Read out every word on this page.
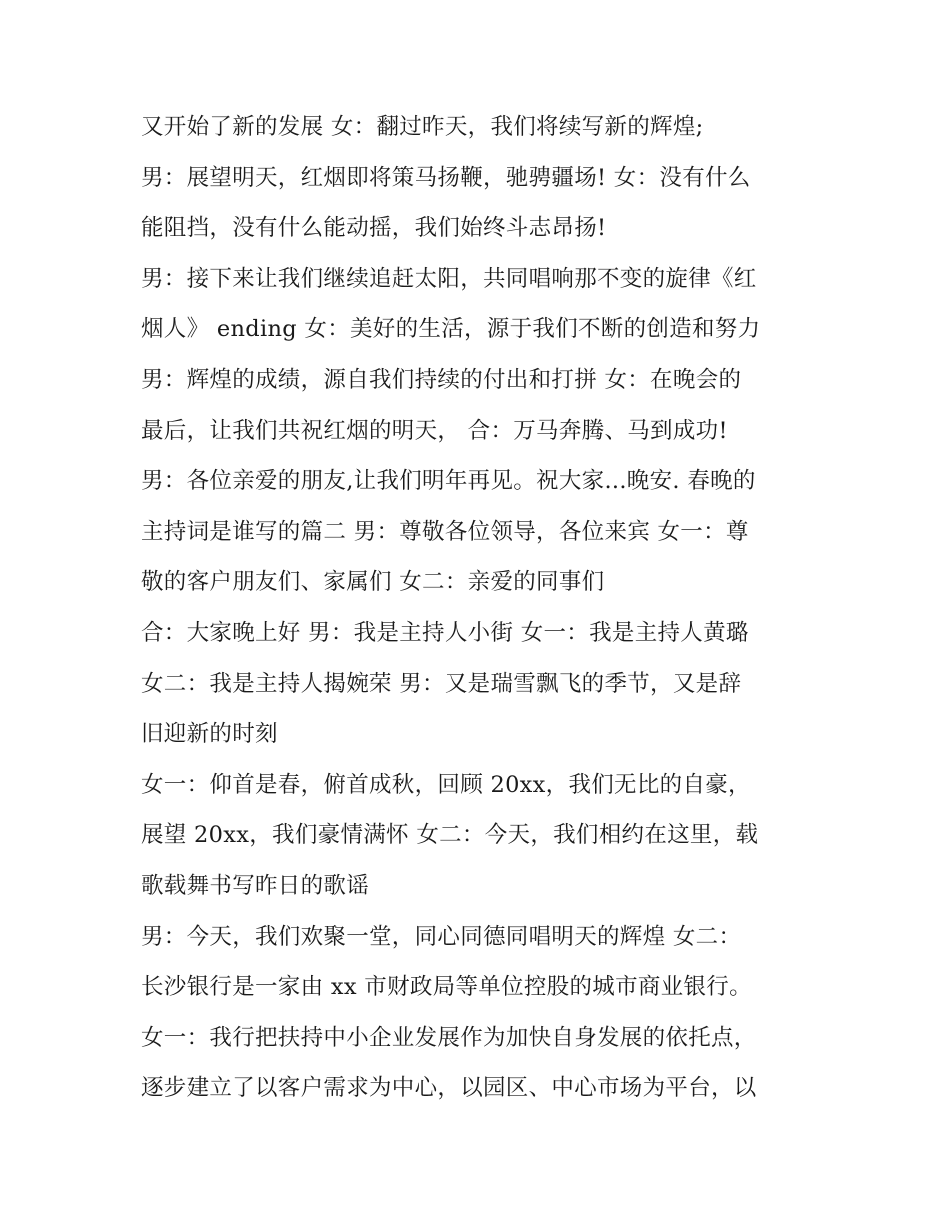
又开始了新的发展 女：翻过昨天，我们将续写新的辉煌;
男：展望明天，红烟即将策马扬鞭，驰骋疆场! 女：没有什么
能阻挡，没有什么能动摇，我们始终斗志昂扬!
男：接下来让我们继续追赶太阳，共同唱响那不变的旋律《红
烟人》 ending 女：美好的生活，源于我们不断的创造和努力
男：辉煌的成绩，源自我们持续的付出和打拼 女：在晚会的
最后，让我们共祝红烟的明天， 合：万马奔腾、马到成功!
男：各位亲爱的朋友,让我们明年再见。祝大家...晚安. 春晚的
主持词是谁写的篇二 男：尊敬各位领导，各位来宾 女一：尊
敬的客户朋友们、家属们 女二：亲爱的同事们
合：大家晚上好 男：我是主持人小街 女一：我是主持人黄璐
女二：我是主持人揭婉荣 男：又是瑞雪飘飞的季节，又是辞
旧迎新的时刻
女一：仰首是春，俯首成秋，回顾 20xx，我们无比的自豪，
展望 20xx，我们豪情满怀 女二：今天，我们相约在这里，载
歌载舞书写昨日的歌谣
男：今天，我们欢聚一堂，同心同德同唱明天的辉煌 女二：
长沙银行是一家由 xx 市财政局等单位控股的城市商业银行。
女一：我行把扶持中小企业发展作为加快自身发展的依托点，
逐步建立了以客户需求为中心，以园区、中心市场为平台，以
